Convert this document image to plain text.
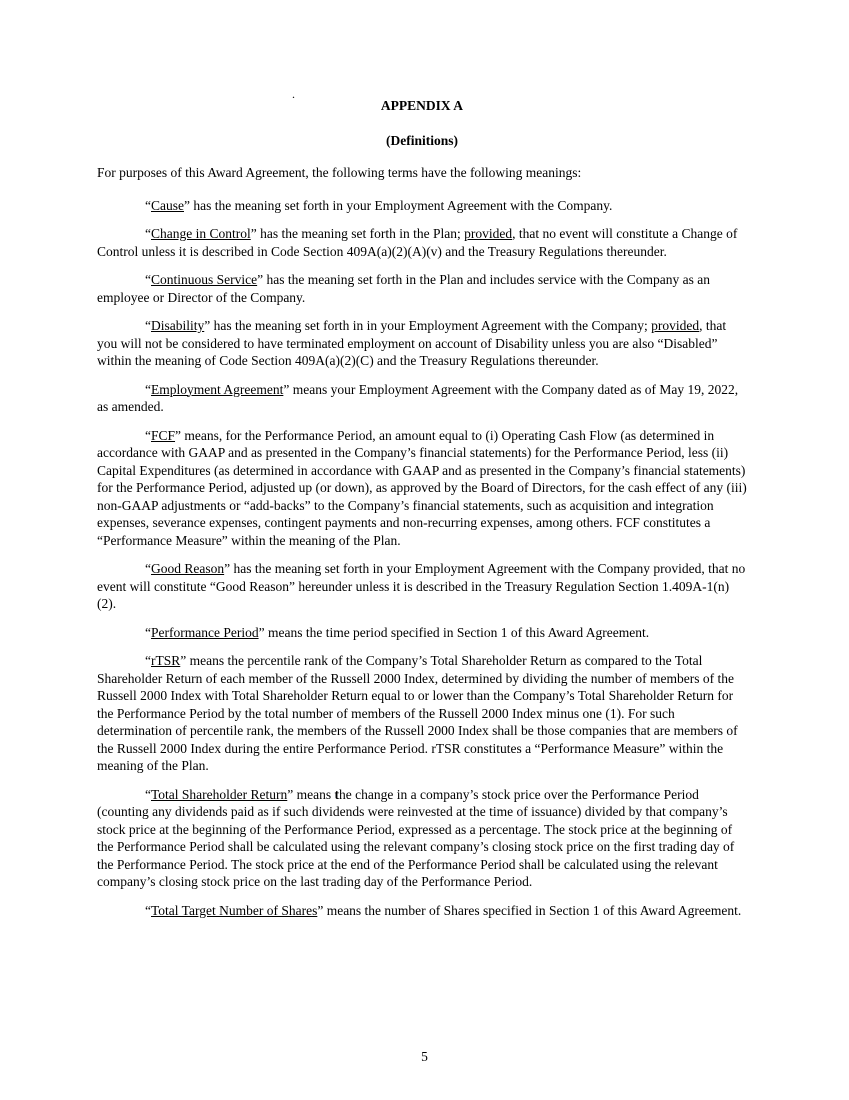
.

APPENDIX A

(Definitions)

For purposes of this Award Agreement, the following terms have the following meanings:

“Cause” has the meaning set forth in your Employment Agreement with the Company.

“Change in Control” has the meaning set forth in the Plan; provided, that no event will constitute a Change of Control unless it is described in Code Section 409A(a)(2)(A)(v) and the Treasury Regulations thereunder.

“Continuous Service” has the meaning set forth in the Plan and includes service with the Company as an employee or Director of the Company.

“Disability” has the meaning set forth in in your Employment Agreement with the Company; provided, that you will not be considered to have terminated employment on account of Disability unless you are also “Disabled” within the meaning of Code Section 409A(a)(2)(C) and the Treasury Regulations thereunder.

“Employment Agreement” means your Employment Agreement with the Company dated as of May 19, 2022, as amended.

“FCF” means, for the Performance Period, an amount equal to (i) Operating Cash Flow (as determined in accordance with GAAP and as presented in the Company’s financial statements) for the Performance Period, less (ii) Capital Expenditures (as determined in accordance with GAAP and as presented in the Company’s financial statements) for the Performance Period, adjusted up (or down), as approved by the Board of Directors, for the cash effect of any (iii) non-GAAP adjustments or “add-backs” to the Company’s financial statements, such as acquisition and integration expenses, severance expenses, contingent payments and non-recurring expenses, among others. FCF constitutes a “Performance Measure” within the meaning of the Plan.

“Good Reason” has the meaning set forth in your Employment Agreement with the Company provided, that no event will constitute “Good Reason” hereunder unless it is described in the Treasury Regulation Section 1.409A-1(n)(2).

“Performance Period” means the time period specified in Section 1 of this Award Agreement.

“rTSR” means the percentile rank of the Company’s Total Shareholder Return as compared to the Total Shareholder Return of each member of the Russell 2000 Index, determined by dividing the number of members of the Russell 2000 Index with Total Shareholder Return equal to or lower than the Company’s Total Shareholder Return for the Performance Period by the total number of members of the Russell 2000 Index minus one (1). For such determination of percentile rank, the members of the Russell 2000 Index shall be those companies that are members of the Russell 2000 Index during the entire Performance Period. rTSR constitutes a “Performance Measure” within the meaning of the Plan.

“Total Shareholder Return” means the change in a company’s stock price over the Performance Period (counting any dividends paid as if such dividends were reinvested at the time of issuance) divided by that company’s stock price at the beginning of the Performance Period, expressed as a percentage. The stock price at the beginning of the Performance Period shall be calculated using the relevant company’s closing stock price on the first trading day of the Performance Period. The stock price at the end of the Performance Period shall be calculated using the relevant company’s closing stock price on the last trading day of the Performance Period.

“Total Target Number of Shares” means the number of Shares specified in Section 1 of this Award Agreement.

5
